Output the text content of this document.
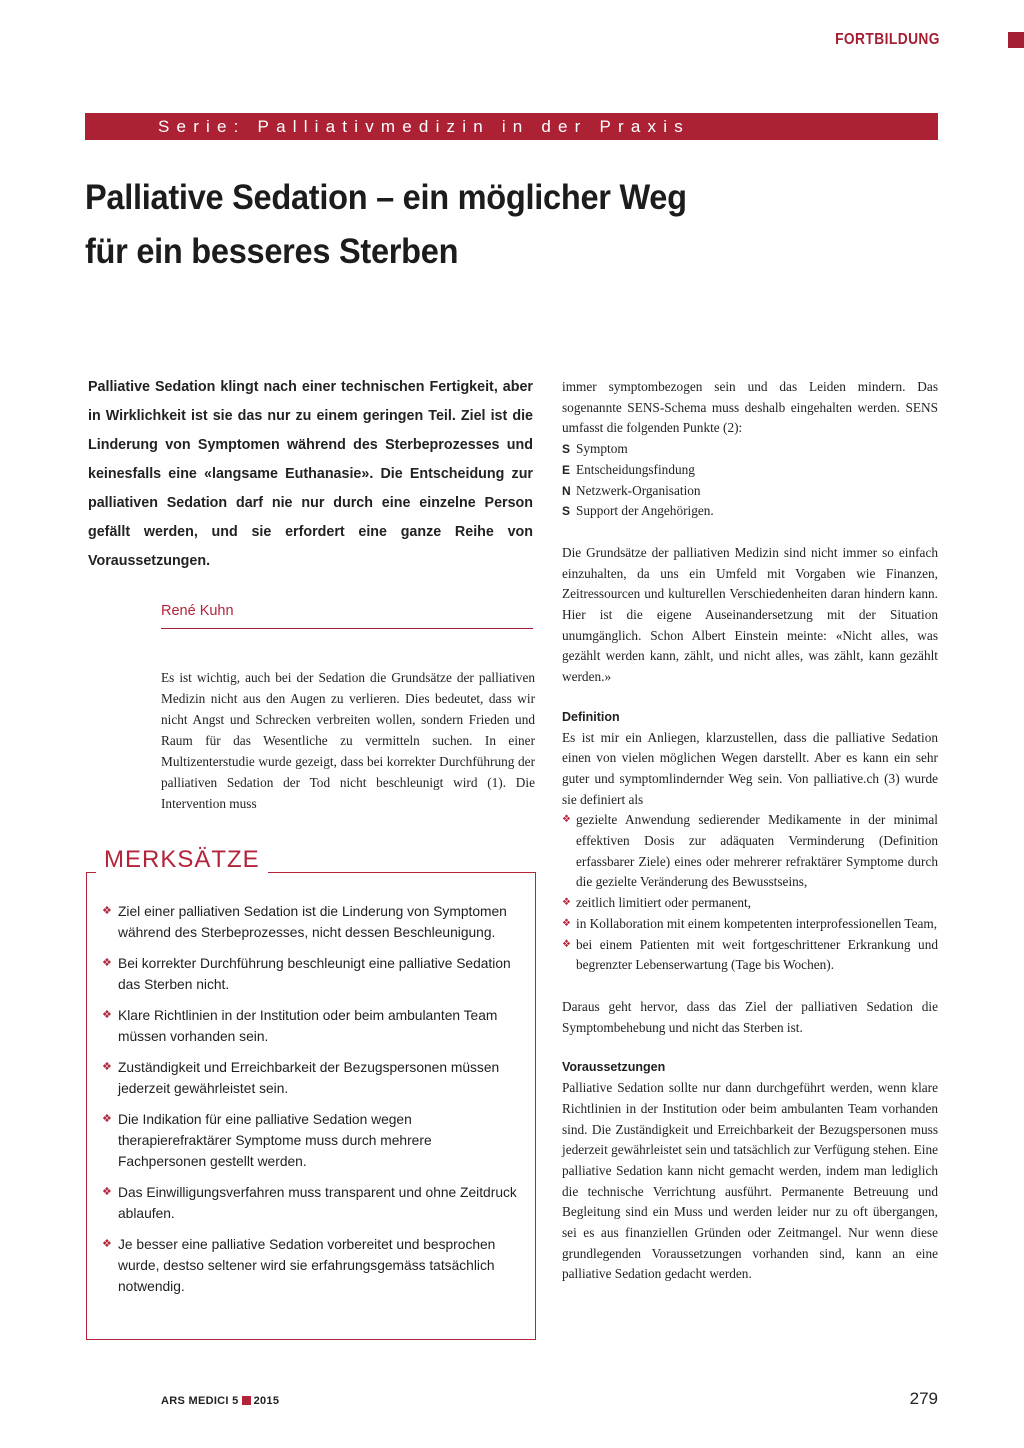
FORTBILDUNG
Serie: Palliativmedizin in der Praxis
Palliative Sedation – ein möglicher Weg
für ein besseres Sterben

Palliative Sedation klingt nach einer technischen Fertigkeit, aber in Wirklichkeit ist sie das nur zu einem geringen Teil. Ziel ist die Linderung von Symptomen während des Sterbeprozesses und keinesfalls eine «langsame Euthanasie». Die Entscheidung zur palliativen Sedation darf nie nur durch eine einzelne Person gefällt werden, und sie erfordert eine ganze Reihe von Voraussetzungen.

René Kuhn

Es ist wichtig, auch bei der Sedation die Grundsätze der palliativen Medizin nicht aus den Augen zu verlieren. Dies bedeutet, dass wir nicht Angst und Schrecken verbreiten wollen, sondern Frieden und Raum für das Wesentliche zu vermitteln suchen. In einer Multizenterstudie wurde gezeigt, dass bei korrekter Durchführung der palliativen Sedation der Tod nicht beschleunigt wird (1). Die Intervention muss

MERKSÄTZE
❖ Ziel einer palliativen Sedation ist die Linderung von Symptomen während des Sterbeprozesses, nicht dessen Beschleunigung.
❖ Bei korrekter Durchführung beschleunigt eine palliative Sedation das Sterben nicht.
❖ Klare Richtlinien in der Institution oder beim ambulanten Team müssen vorhanden sein.
❖ Zuständigkeit und Erreichbarkeit der Bezugspersonen müssen jederzeit gewährleistet sein.
❖ Die Indikation für eine palliative Sedation wegen therapierefraktärer Symptome muss durch mehrere Fachpersonen gestellt werden.
❖ Das Einwilligungsverfahren muss transparent und ohne Zeitdruck ablaufen.
❖ Je besser eine palliative Sedation vorbereitet und besprochen wurde, destso seltener wird sie erfahrungsgemäss tatsächlich notwendig.

immer symptombezogen sein und das Leiden mindern. Das sogenannte SENS-Schema muss deshalb eingehalten werden. SENS umfasst die folgenden Punkte (2):

S Symptom
E Entscheidungsfindung
N Netzwerk-Organisation
S Support der Angehörigen.

Die Grundsätze der palliativen Medizin sind nicht immer so einfach einzuhalten, da uns ein Umfeld mit Vorgaben wie Finanzen, Zeitressourcen und kulturellen Verschiedenheiten daran hindern kann. Hier ist die eigene Auseinandersetzung mit der Situation unumgänglich. Schon Albert Einstein meinte: «Nicht alles, was gezählt werden kann, zählt, und nicht alles, was zählt, kann gezählt werden.»

Definition

Es ist mir ein Anliegen, klarzustellen, dass die palliative Sedation einen von vielen möglichen Wegen darstellt. Aber es kann ein sehr guter und symptomlindernder Weg sein. Von palliative.ch (3) wurde sie definiert als

❖ gezielte Anwendung sedierender Medikamente in der minimal effektiven Dosis zur adäquaten Verminderung (Definition erfassbarer Ziele) eines oder mehrerer refraktärer Symptome durch die gezielte Veränderung des Bewusstseins,
❖ zeitlich limitiert oder permanent,
❖ in Kollaboration mit einem kompetenten interprofessionellen Team,
❖ bei einem Patienten mit weit fortgeschrittener Erkrankung und begrenzter Lebenserwartung (Tage bis Wochen).

Daraus geht hervor, dass das Ziel der palliativen Sedation die Symptombehebung und nicht das Sterben ist.

Voraussetzungen

Palliative Sedation sollte nur dann durchgeführt werden, wenn klare Richtlinien in der Institution oder beim ambulanten Team vorhanden sind. Die Zuständigkeit und Erreichbarkeit der Bezugspersonen muss jederzeit gewährleistet sein und tatsächlich zur Verfügung stehen. Eine palliative Sedation kann nicht gemacht werden, indem man lediglich die technische Verrichtung ausführt. Permanente Betreuung und Begleitung sind ein Muss und werden leider nur zu oft übergangen, sei es aus finanziellen Gründen oder Zeitmangel. Nur wenn diese grundlegenden Voraussetzungen vorhanden sind, kann an eine palliative Sedation gedacht werden.

ARS MEDICI 5 2015	279
